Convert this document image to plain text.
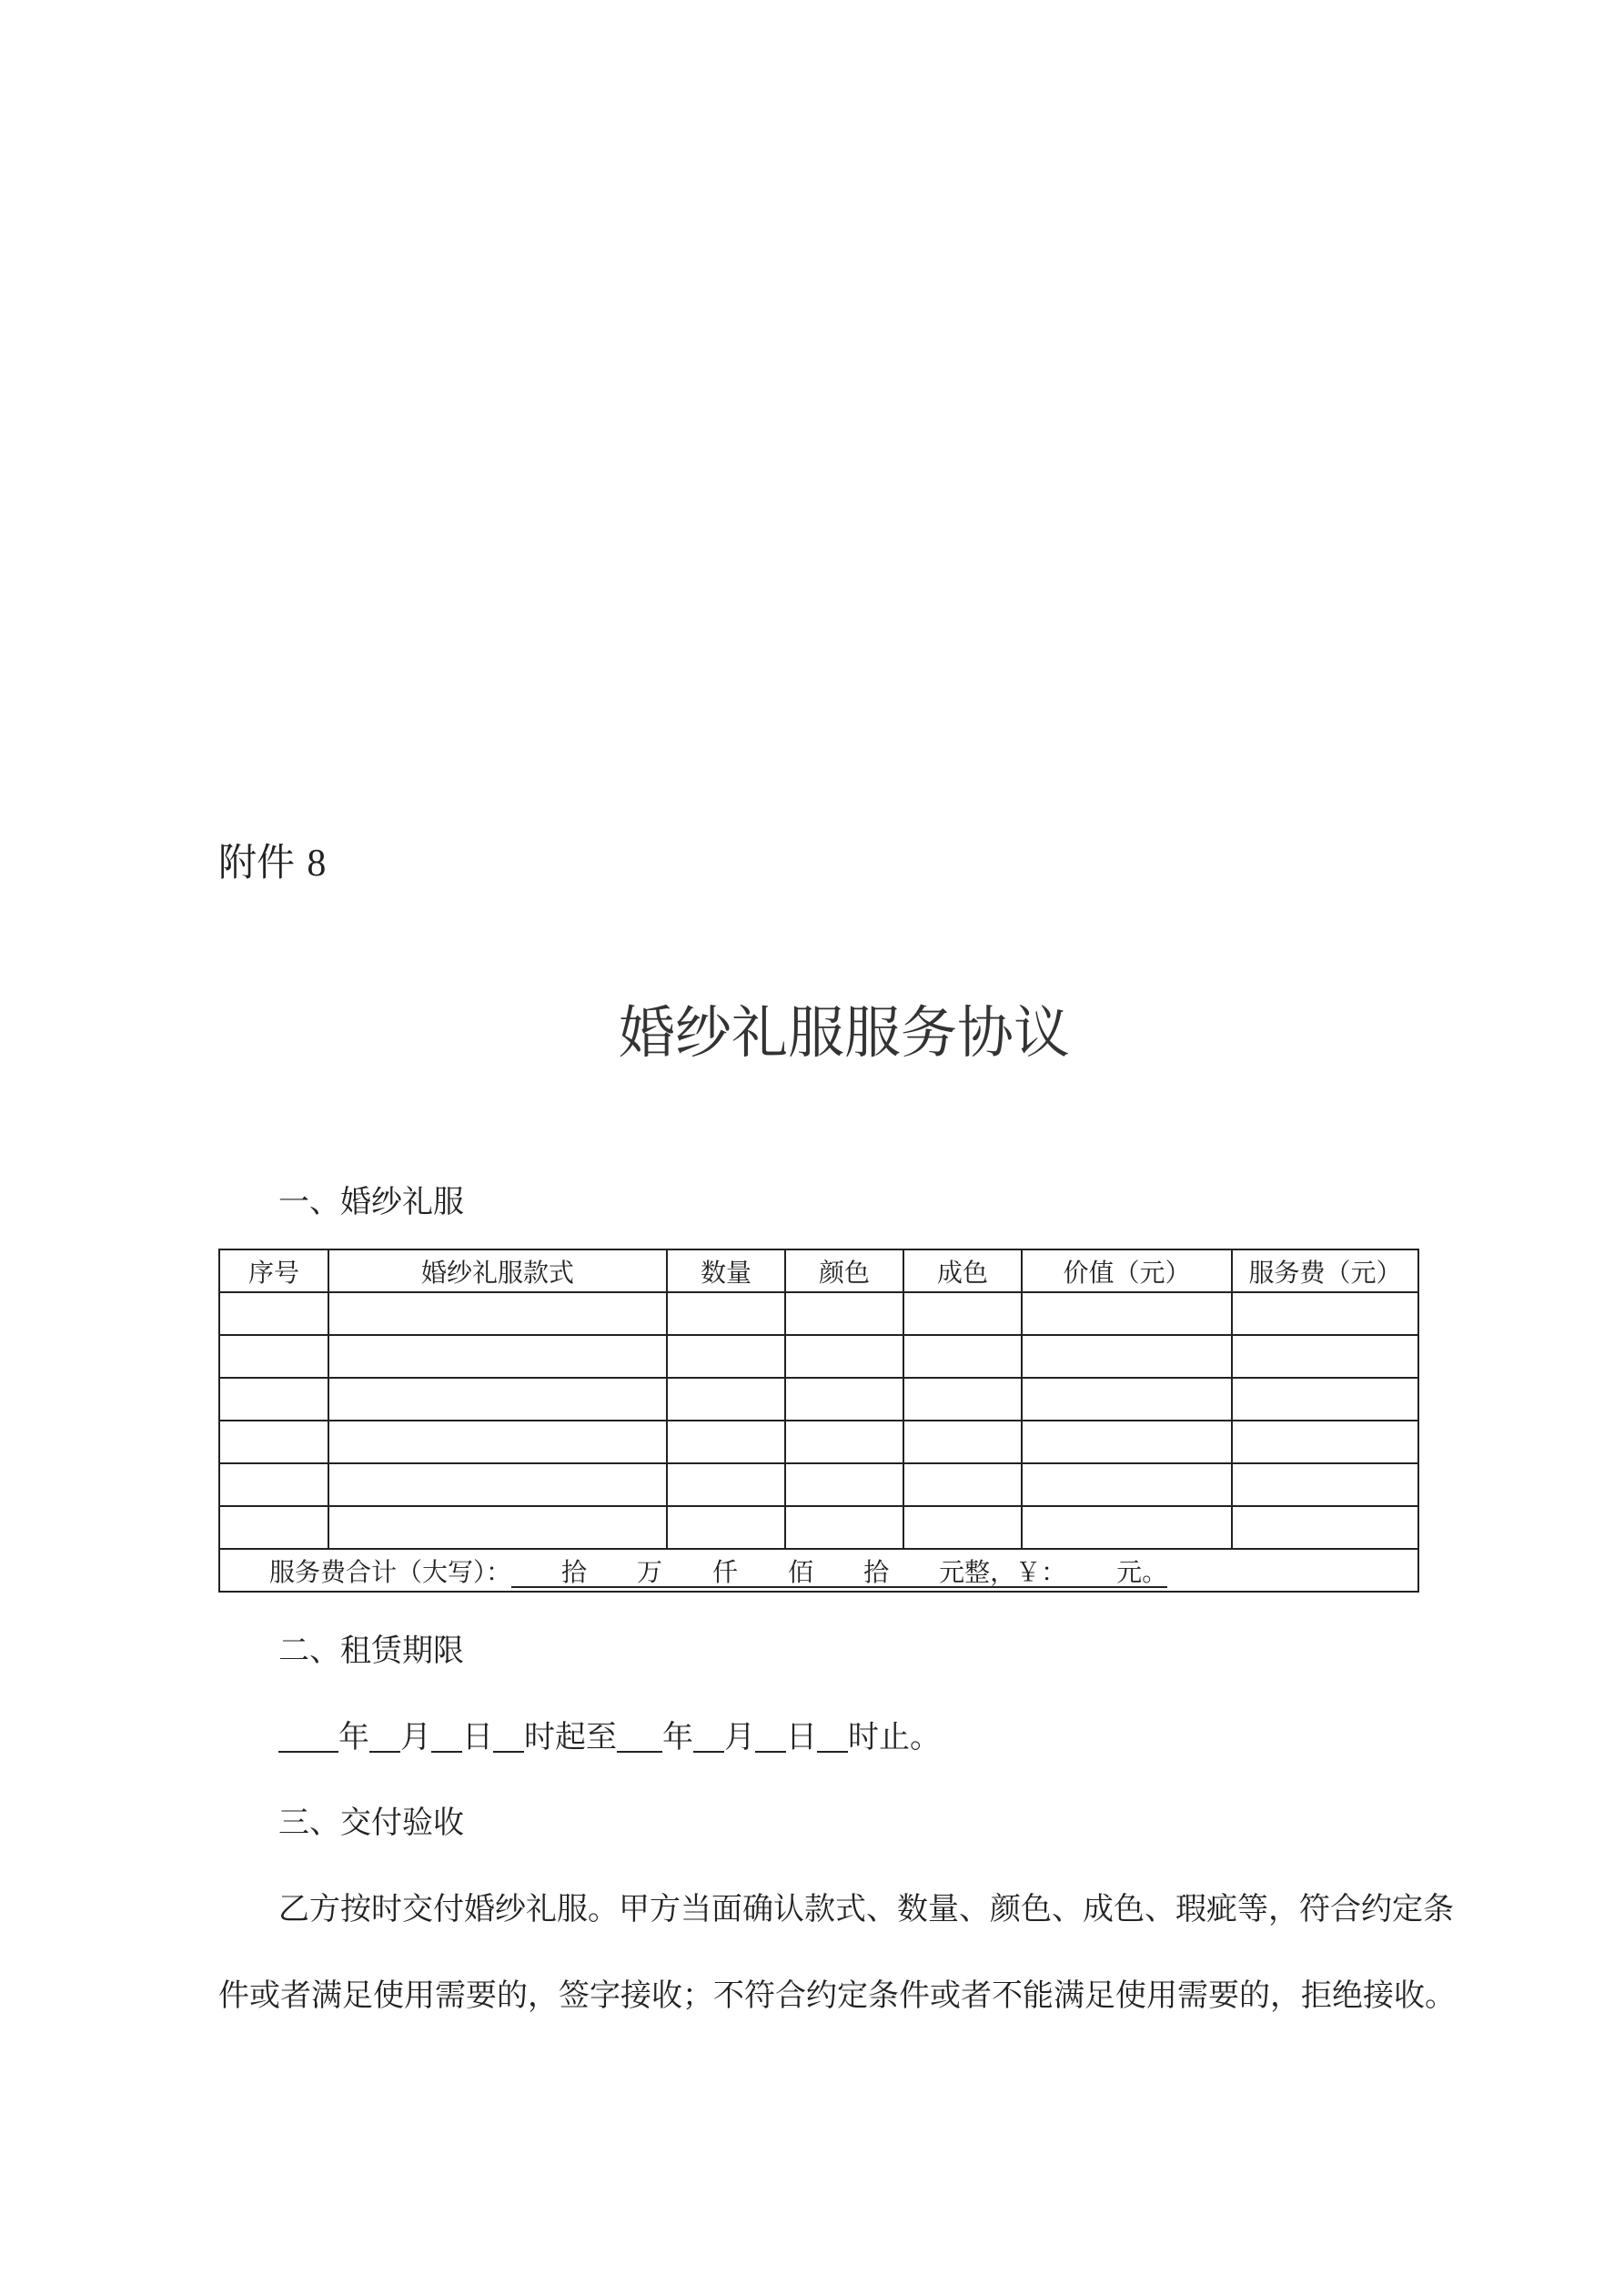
附件 8
婚纱礼服服务协议
一、婚纱礼服
序号	婚纱礼服款式	数量	颜色	成色	价值（元）	服务费（元）

服务费合计（大写）： 拾 万 仟 佰 拾 元整，￥： 元。						
二、租赁期限
年 月 日 时起至 年 月 日 时止。
三、交付验收
乙方按时交付婚纱礼服。甲方当面确认款式、数量、颜色、成色、瑕疵等，符合约定条
件或者满足使用需要的，签字接收；不符合约定条件或者不能满足使用需要的，拒绝接收。
